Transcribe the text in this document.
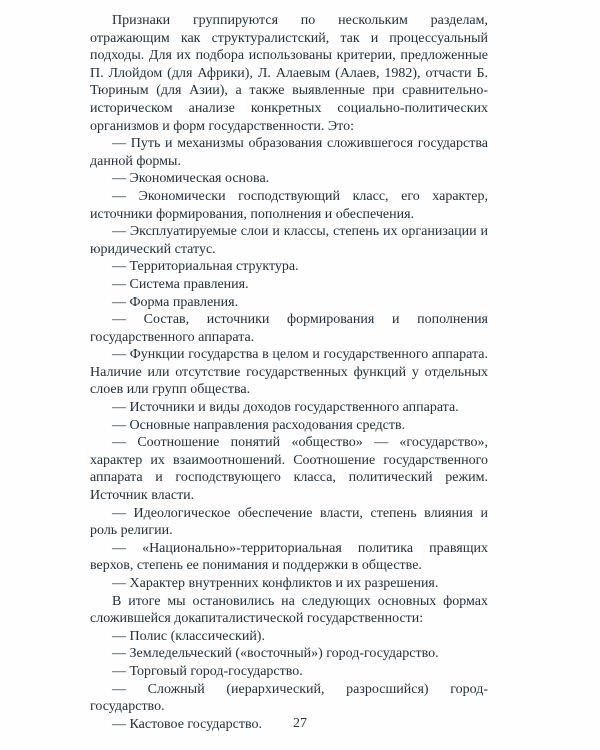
Признаки группируются по нескольким разделам, отражающим как структуралистский, так и процессуальный подходы. Для их подбора использованы критерии, предложенные П. Ллойдом (для Африки), Л. Алаевым (Алаев, 1982), отчасти Б. Тюриным (для Азии), а также выявленные при сравнительно-историческом анализе конкретных социально-политических организмов и форм государственности. Это:

— Путь и механизмы образования сложившегося государства данной формы.

— Экономическая основа.

— Экономически господствующий класс, его характер, источники формирования, пополнения и обеспечения.

— Эксплуатируемые слои и классы, степень их организации и юридический статус.

— Территориальная структура.

— Система правления.

— Форма правления.

— Состав, источники формирования и пополнения государственного аппарата.

— Функции государства в целом и государственного аппарата. Наличие или отсутствие государственных функций у отдельных слоев или групп общества.

— Источники и виды доходов государственного аппарата.

— Основные направления расходования средств.

— Соотношение понятий «общество» — «государство», характер их взаимоотношений. Соотношение государственного аппарата и господствующего класса, политический режим. Источник власти.

— Идеологическое обеспечение власти, степень влияния и роль религии.

— «Национально»-территориальная политика правящих верхов, степень ее понимания и поддержки в обществе.

— Характер внутренних конфликтов и их разрешения.

В итоге мы остановились на следующих основных формах сложившейся докапиталистической государственности:

— Полис (классический).

— Земледельческий («восточный») город-государство.

— Торговый город-государство.

— Сложный (иерархический, разросшийся) город-государство.

— Кастовое государство.	27
